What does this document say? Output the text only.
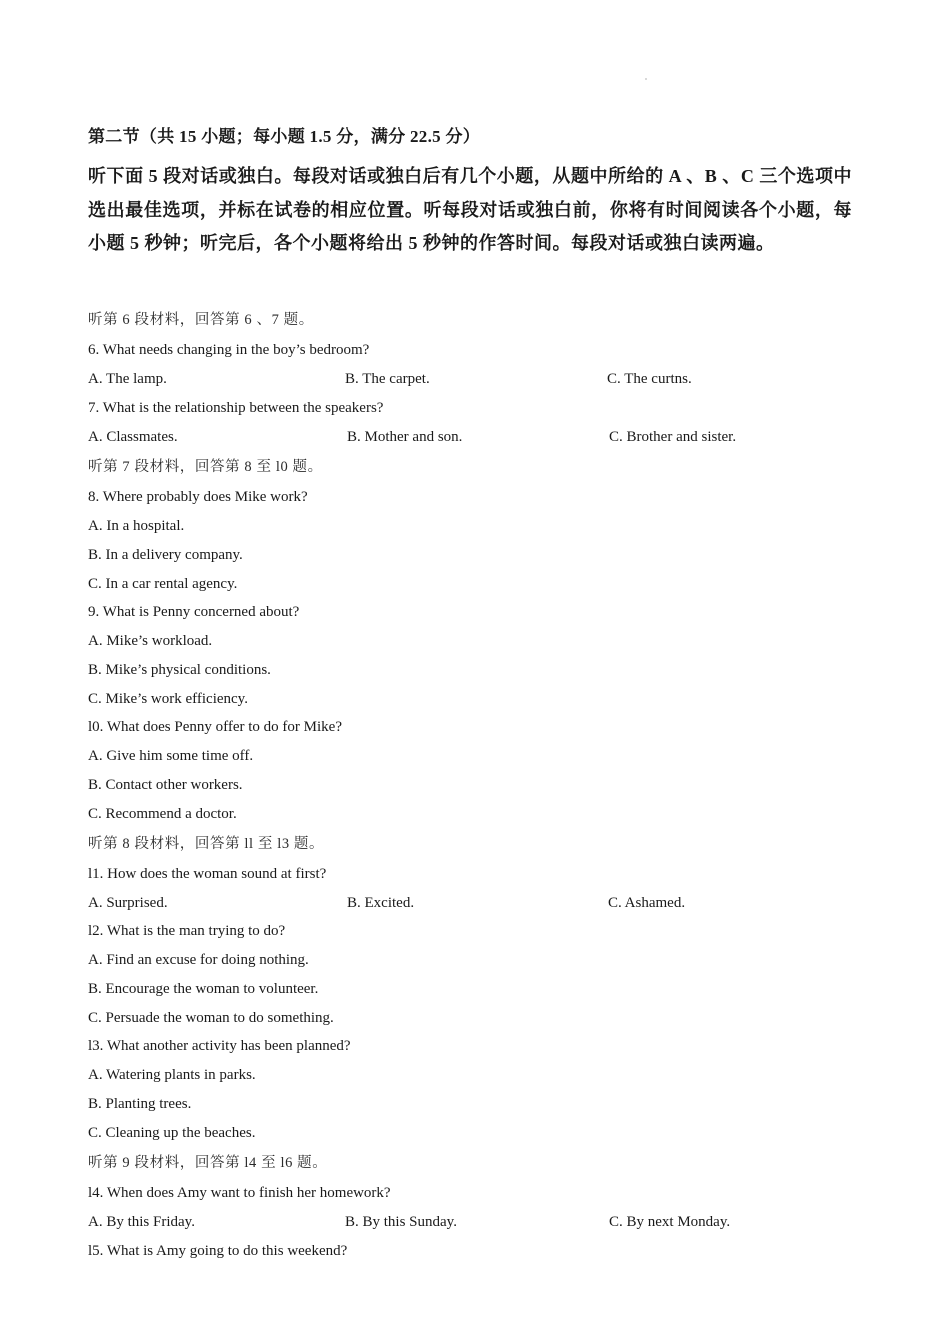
第二节（共 15 小题；每小题 1.5 分，满分 22.5 分）
听下面 5 段对话或独白。每段对话或独白后有几个小题，从题中所给的 A 、B 、C 三个选项中选出最佳选项，并标在试卷的相应位置。听每段对话或独白前，你将有时间阅读各个小题，每小题 5 秒钟；听完后，各个小题将给出 5 秒钟的作答时间。每段对话或独白读两遍。
听第 6 段材料，回答第 6 、7 题。
6. What needs changing in the boy’s bedroom?
A. The lamp.	B. The carpet.	C. The curtns.
7. What is the relationship between the speakers?
A. Classmates.	B. Mother and son.	C. Brother and sister.
听第 7 段材料，回答第 8 至 l0 题。
8. Where probably does Mike work?
A. In a hospital.
B. In a delivery company.
C. In a car rental agency.
9. What is Penny concerned about?
A. Mike’s workload.
B. Mike’s physical conditions.
C. Mike’s work efficiency.
l0. What does Penny offer to do for Mike?
A. Give him some time off.
B. Contact other workers.
C. Recommend a doctor.
听第 8 段材料，回答第 ll 至 l3 题。
l1. How does the woman sound at first?
A. Surprised.	B. Excited.	C. Ashamed.
l2. What is the man trying to do?
A. Find an excuse for doing nothing.
B. Encourage the woman to volunteer.
C. Persuade the woman to do something.
l3. What another activity has been planned?
A. Watering plants in parks.
B. Planting trees.
C. Cleaning up the beaches.
听第 9 段材料，回答第 l4 至 l6 题。
l4. When does Amy want to finish her homework?
A. By this Friday.	B. By this Sunday.	C. By next Monday.
l5. What is Amy going to do this weekend?
